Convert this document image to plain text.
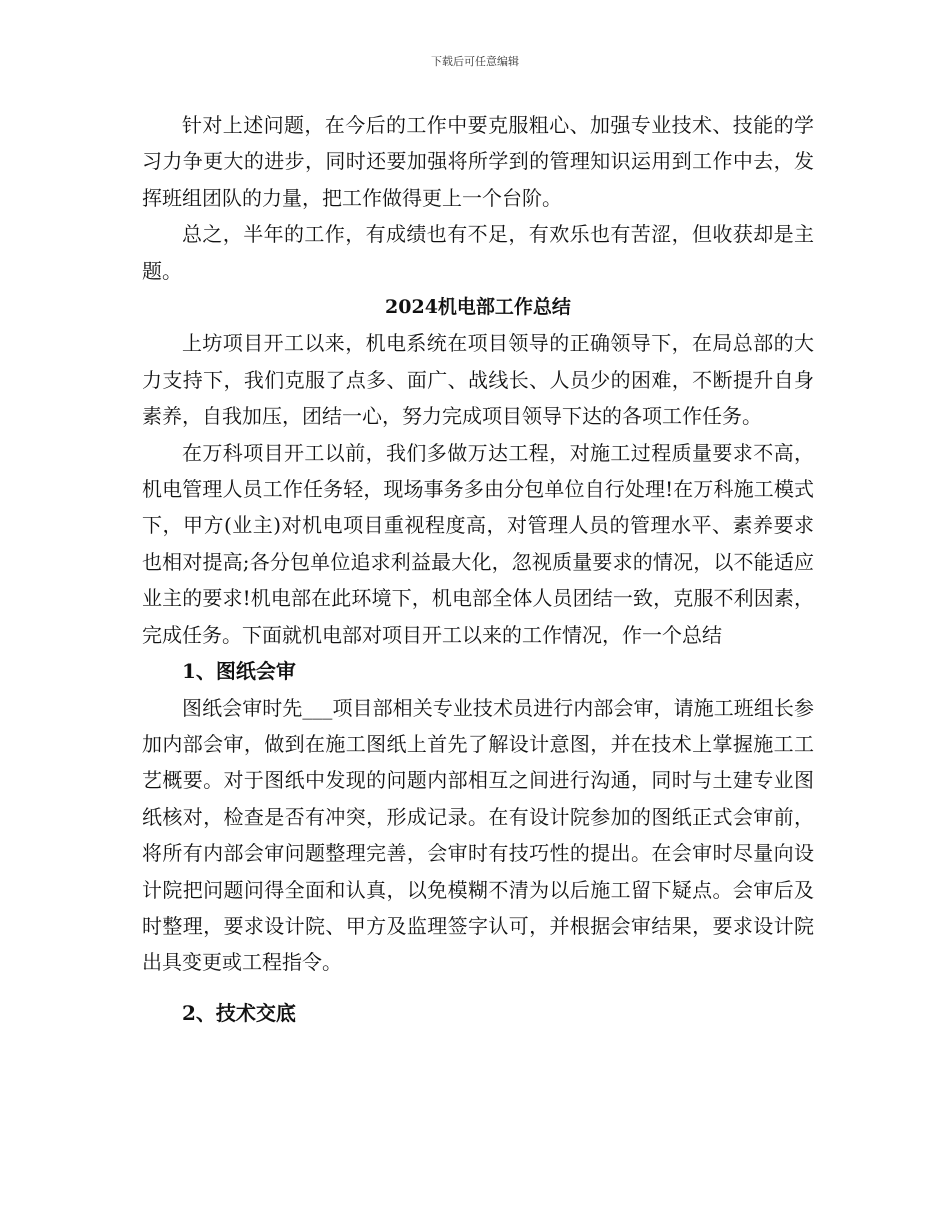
下载后可任意编辑

针对上述问题，在今后的工作中要克服粗心、加强专业技术、技能的学习力争更大的进步，同时还要加强将所学到的管理知识运用到工作中去，发挥班组团队的力量，把工作做得更上一个台阶。

总之，半年的工作，有成绩也有不足，有欢乐也有苦涩，但收获却是主题。

2024机电部工作总结

上坊项目开工以来，机电系统在项目领导的正确领导下，在局总部的大力支持下，我们克服了点多、面广、战线长、人员少的困难，不断提升自身素养，自我加压，团结一心，努力完成项目领导下达的各项工作任务。

在万科项目开工以前，我们多做万达工程，对施工过程质量要求不高，机电管理人员工作任务轻，现场事务多由分包单位自行处理!在万科施工模式下，甲方(业主)对机电项目重视程度高，对管理人员的管理水平、素养要求也相对提高;各分包单位追求利益最大化，忽视质量要求的情况，以不能适应业主的要求!机电部在此环境下，机电部全体人员团结一致，克服不利因素，完成任务。下面就机电部对项目开工以来的工作情况，作一个总结

1、图纸会审

图纸会审时先___项目部相关专业技术员进行内部会审，请施工班组长参加内部会审，做到在施工图纸上首先了解设计意图，并在技术上掌握施工工艺概要。对于图纸中发现的问题内部相互之间进行沟通，同时与土建专业图纸核对，检查是否有冲突，形成记录。在有设计院参加的图纸正式会审前，将所有内部会审问题整理完善，会审时有技巧性的提出。在会审时尽量向设计院把问题问得全面和认真，以免模糊不清为以后施工留下疑点。会审后及时整理，要求设计院、甲方及监理签字认可，并根据会审结果，要求设计院出具变更或工程指令。

2、技术交底
